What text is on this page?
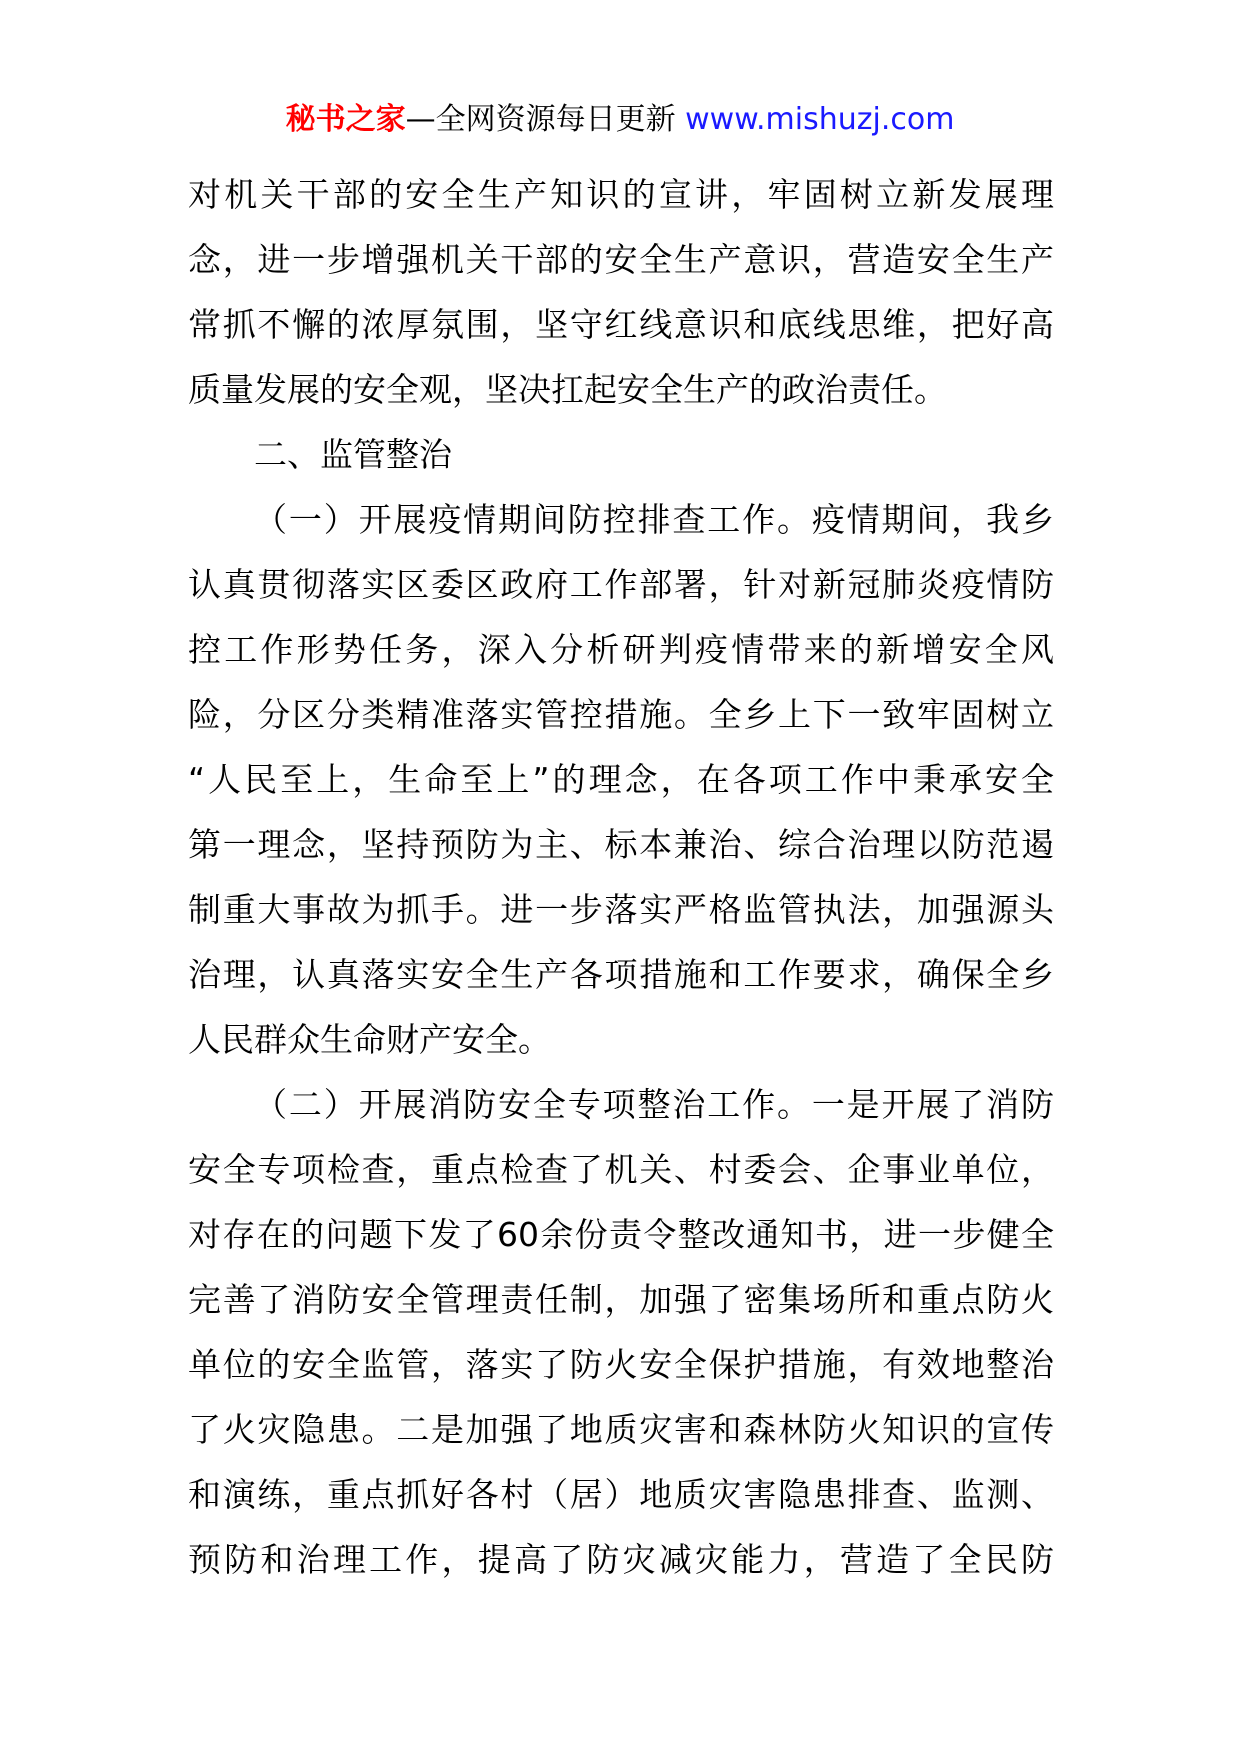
秘书之家—全网资源每日更新 www.mishuzj.com
对机关干部的安全生产知识的宣讲，牢固树立新发展理
念，进一步增强机关干部的安全生产意识，营造安全生产
常抓不懈的浓厚氛围，坚守红线意识和底线思维，把好高
质量发展的安全观，坚决扛起安全生产的政治责任。
二、监管整治
（一）开展疫情期间防控排查工作。疫情期间，我乡
认真贯彻落实区委区政府工作部署，针对新冠肺炎疫情防
控工作形势任务，深入分析研判疫情带来的新增安全风
险，分区分类精准落实管控措施。全乡上下一致牢固树立
“人民至上，生命至上”的理念，在各项工作中秉承安全
第一理念，坚持预防为主、标本兼治、综合治理以防范遏
制重大事故为抓手。进一步落实严格监管执法，加强源头
治理，认真落实安全生产各项措施和工作要求，确保全乡
人民群众生命财产安全。
（二）开展消防安全专项整治工作。一是开展了消防
安全专项检查，重点检查了机关、村委会、企事业单位，
对存在的问题下发了60余份责令整改通知书，进一步健全
完善了消防安全管理责任制，加强了密集场所和重点防火
单位的安全监管，落实了防火安全保护措施，有效地整治
了火灾隐患。二是加强了地质灾害和森林防火知识的宣传
和演练，重点抓好各村（居）地质灾害隐患排查、监测、
预防和治理工作，提高了防灾减灾能力，营造了全民防
